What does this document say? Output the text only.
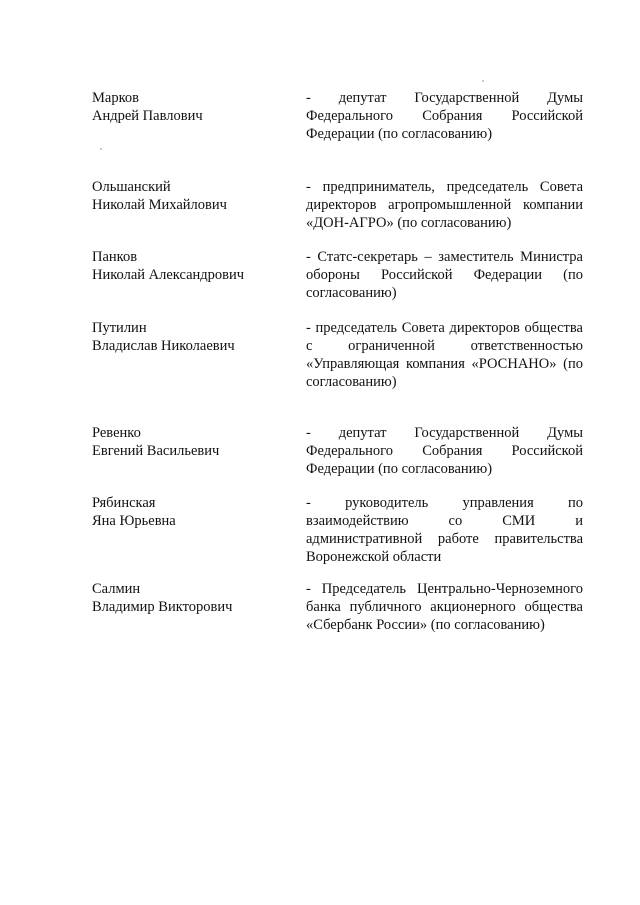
Марков
Андрей Павлович
- депутат Государственной Думы Федерального Собрания Российской Федерации (по согласованию)
Ольшанский
Николай Михайлович
- предприниматель, председатель Совета директоров агропромышленной компании «ДОН-АГРО» (по согласованию)
Панков
Николай Александрович
- Статс-секретарь – заместитель Министра обороны Российской Федерации (по согласованию)
Путилин
Владислав Николаевич
- председатель Совета директоров общества с ограниченной ответственностью «Управляющая компания «РОСНАНО» (по согласованию)
Ревенко
Евгений Васильевич
- депутат Государственной Думы Федерального Собрания Российской Федерации (по согласованию)
Рябинская
Яна Юрьевна
- руководитель управления по взаимодействию со СМИ и административной работе правительства Воронежской области
Салмин
Владимир Викторович
- Председатель Центрально-Черноземного банка публичного акционерного общества «Сбербанк России» (по согласованию)
